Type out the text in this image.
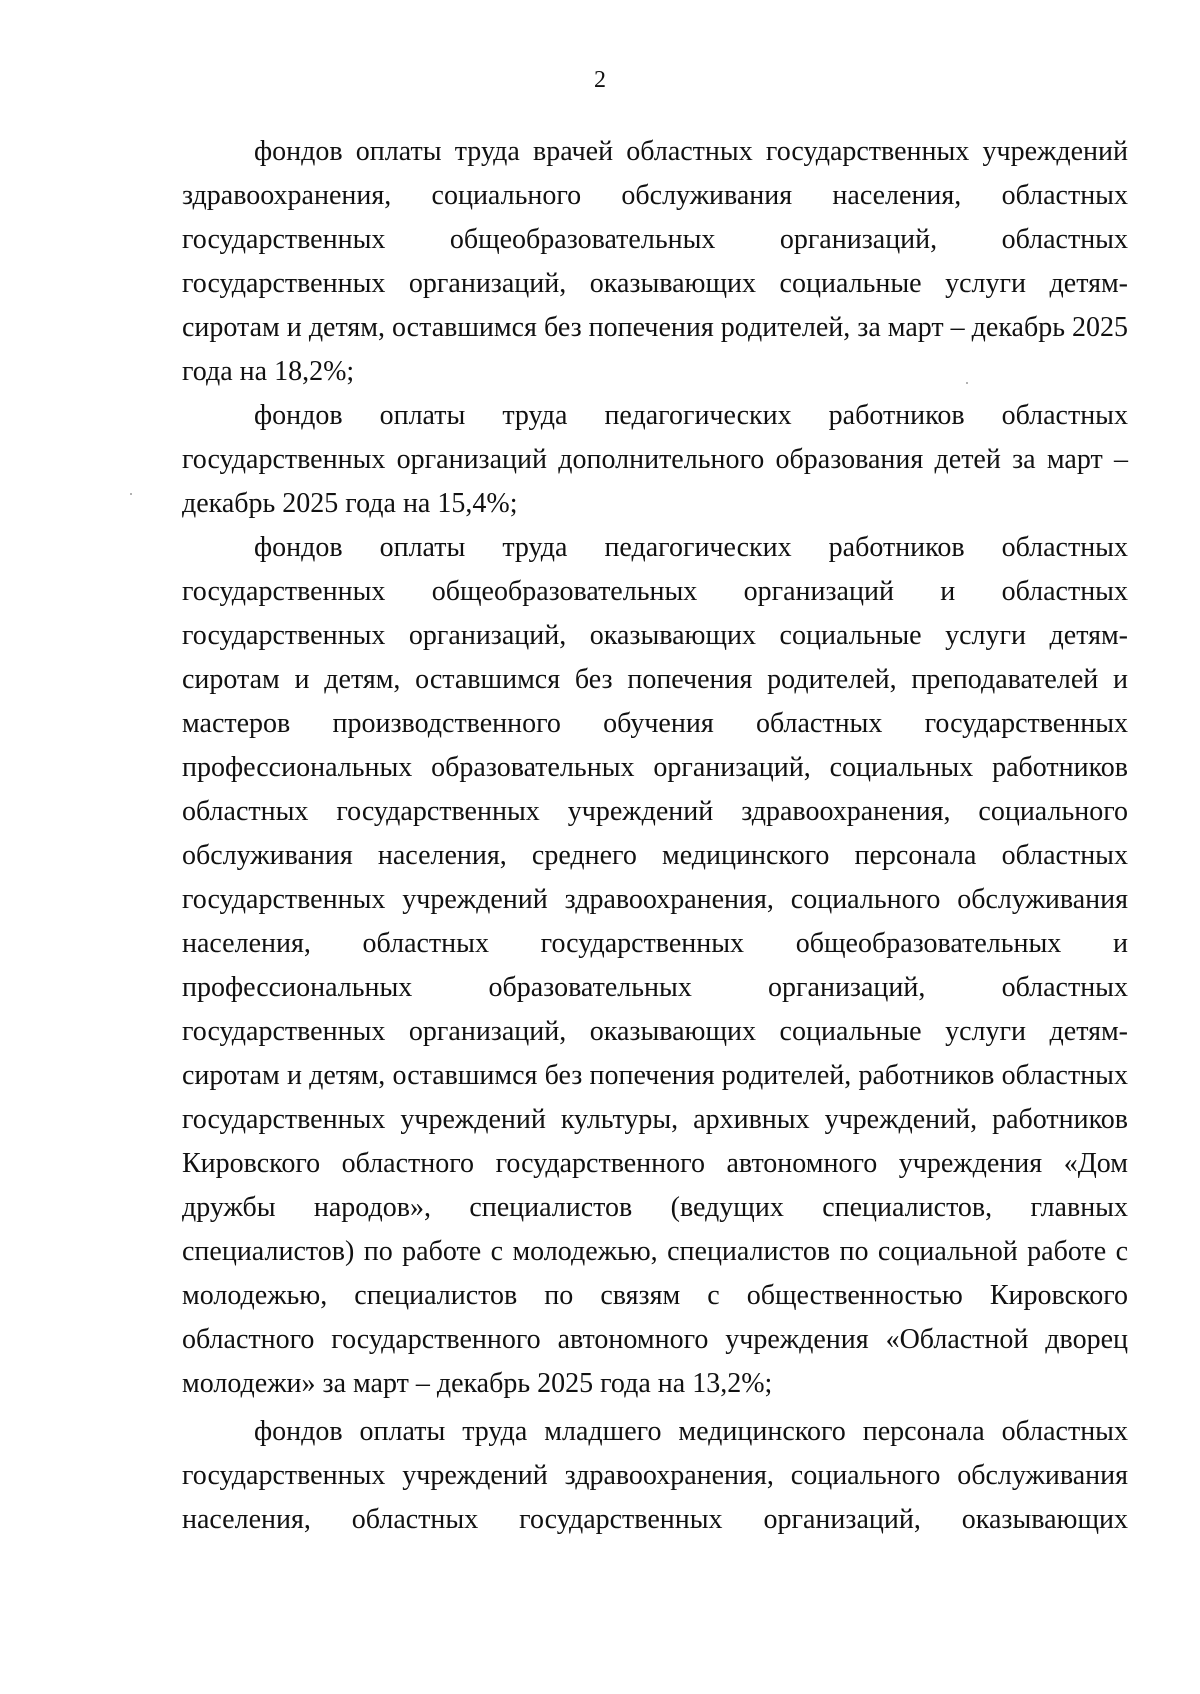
2

фондов оплаты труда врачей областных государственных учреждений здравоохранения, социального обслуживания населения, областных государственных общеобразовательных организаций, областных государственных организаций, оказывающих социальные услуги детям-сиротам и детям, оставшимся без попечения родителей, за март – декабрь 2025 года на 18,2%;

фондов оплаты труда педагогических работников областных государственных организаций дополнительного образования детей за март – декабрь 2025 года на 15,4%;

фондов оплаты труда педагогических работников областных государственных общеобразовательных организаций и областных государственных организаций, оказывающих социальные услуги детям-сиротам и детям, оставшимся без попечения родителей, преподавателей и мастеров производственного обучения областных государственных профессиональных образовательных организаций, социальных работников областных государственных учреждений здравоохранения, социального обслуживания населения, среднего медицинского персонала областных государственных учреждений здравоохранения, социального обслуживания населения, областных государственных общеобразовательных и профессиональных образовательных организаций, областных государственных организаций, оказывающих социальные услуги детям-сиротам и детям, оставшимся без попечения родителей, работников областных государственных учреждений культуры, архивных учреждений, работников Кировского областного государственного автономного учреждения «Дом дружбы народов», специалистов (ведущих специалистов, главных специалистов) по работе с молодежью, специалистов по социальной работе с молодежью, специалистов по связям с общественностью Кировского областного государственного автономного учреждения «Областной дворец молодежи» за март – декабрь 2025 года на 13,2%;

фондов оплаты труда младшего медицинского персонала областных государственных учреждений здравоохранения, социального обслуживания населения, областных государственных организаций, оказывающих
